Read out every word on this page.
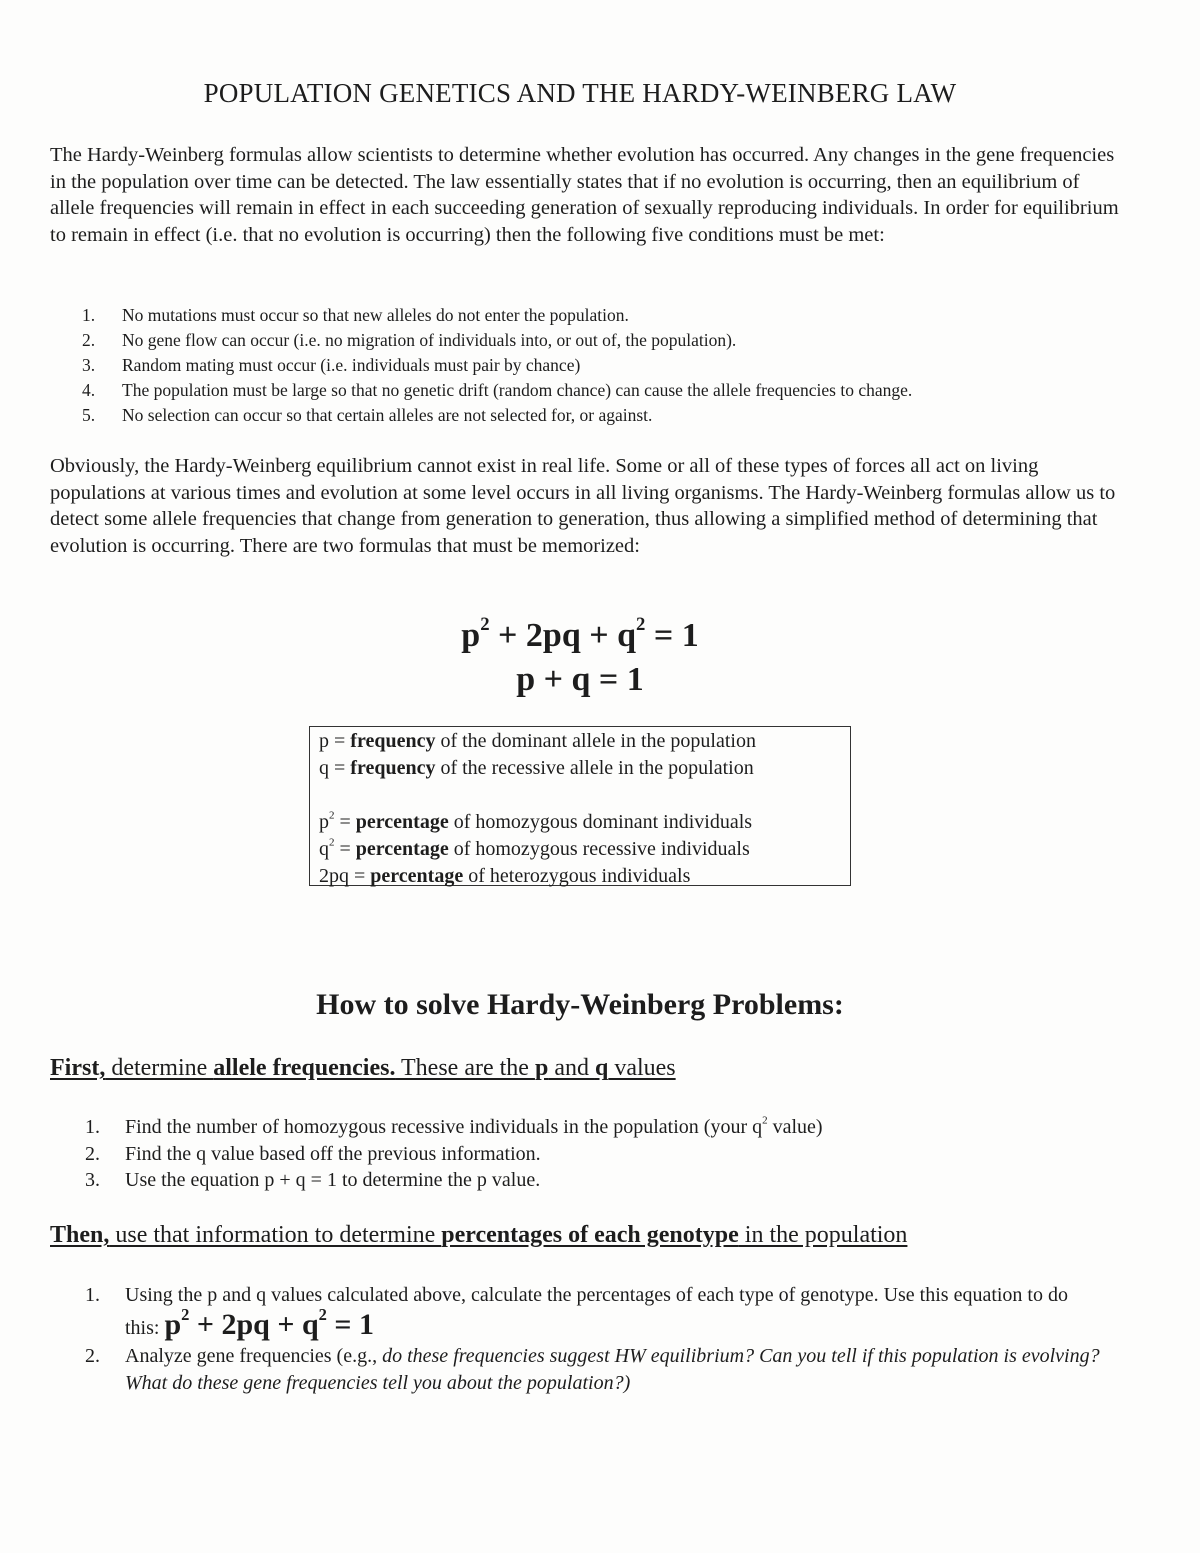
POPULATION GENETICS AND THE HARDY-WEINBERG LAW
The Hardy-Weinberg formulas allow scientists to determine whether evolution has occurred. Any changes in the gene frequencies in the population over time can be detected. The law essentially states that if no evolution is occurring, then an equilibrium of allele frequencies will remain in effect in each succeeding generation of sexually reproducing individuals. In order for equilibrium to remain in effect (i.e. that no evolution is occurring) then the following five conditions must be met:
1. No mutations must occur so that new alleles do not enter the population.
2. No gene flow can occur (i.e. no migration of individuals into, or out of, the population).
3. Random mating must occur (i.e. individuals must pair by chance)
4. The population must be large so that no genetic drift (random chance) can cause the allele frequencies to change.
5. No selection can occur so that certain alleles are not selected for, or against.
Obviously, the Hardy-Weinberg equilibrium cannot exist in real life. Some or all of these types of forces all act on living populations at various times and evolution at some level occurs in all living organisms. The Hardy-Weinberg formulas allow us to detect some allele frequencies that change from generation to generation, thus allowing a simplified method of determining that evolution is occurring. There are two formulas that must be memorized:
$p^2 + 2pq + q^2 = 1$
p + q = 1
p = frequency of the dominant allele in the population
q = frequency of the recessive allele in the population
$p^2$ = percentage of homozygous dominant individuals
$q^2$ = percentage of homozygous recessive individuals
2pq = percentage of heterozygous individuals
How to solve Hardy-Weinberg Problems:
First, determine allele frequencies. These are the p and q values
1. Find the number of homozygous recessive individuals in the population (your $q^2$ value)
2. Find the q value based off the previous information.
3. Use the equation p + q = 1 to determine the p value.
Then, use that information to determine percentages of each genotype in the population
1. Using the p and q values calculated above, calculate the percentages of each type of genotype. Use this equation to do this: $p^2 + 2pq + q^2 = 1$
2. Analyze gene frequencies (e.g., do these frequencies suggest HW equilibrium? Can you tell if this population is evolving? What do these gene frequencies tell you about the population?)
